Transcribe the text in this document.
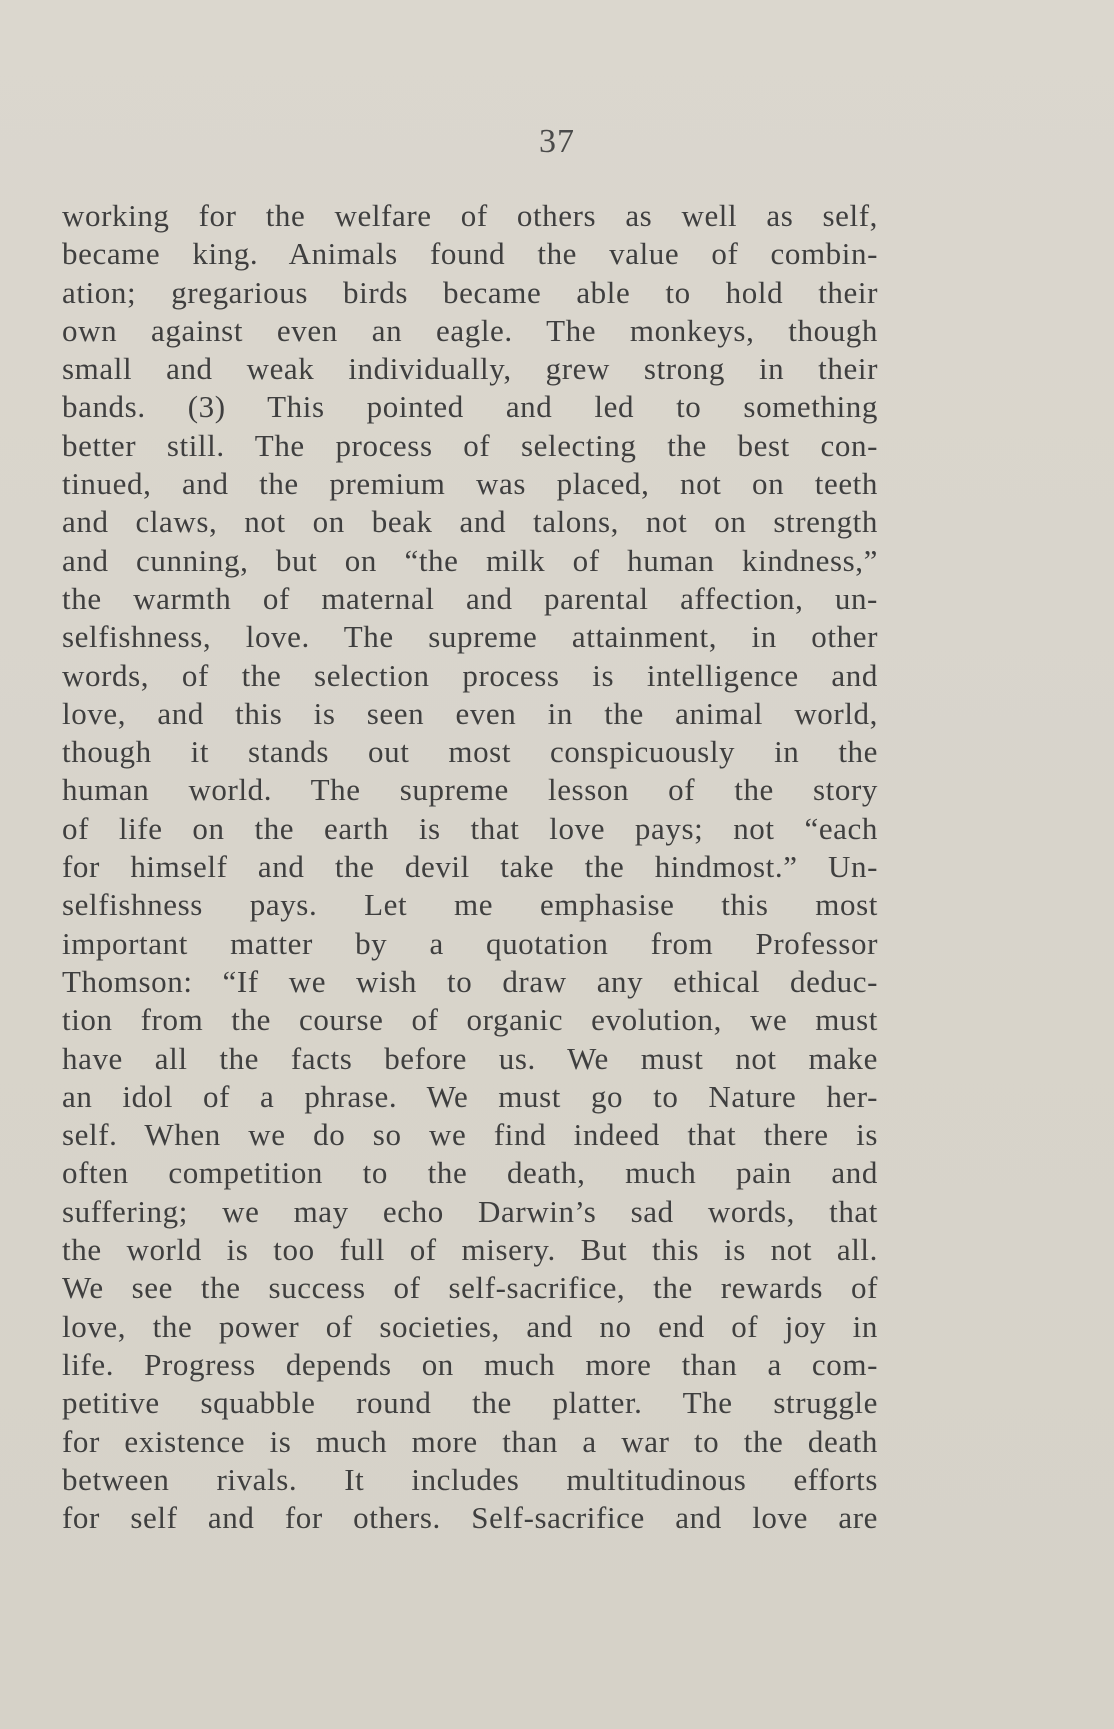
37
working for the welfare of others as well as self,
became king. Animals found the value of combin-
ation; gregarious birds became able to hold their
own against even an eagle. The monkeys, though
small and weak individually, grew strong in their
bands. (3) This pointed and led to something
better still. The process of selecting the best con-
tinued, and the premium was placed, not on teeth
and claws, not on beak and talons, not on strength
and cunning, but on “the milk of human kindness,”
the warmth of maternal and parental affection, un-
selfishness, love. The supreme attainment, in other
words, of the selection process is intelligence and
love, and this is seen even in the animal world,
though it stands out most conspicuously in the
human world. The supreme lesson of the story
of life on the earth is that love pays; not “each
for himself and the devil take the hindmost.” Un-
selfishness pays. Let me emphasise this most
important matter by a quotation from Professor
Thomson: “If we wish to draw any ethical deduc-
tion from the course of organic evolution, we must
have all the facts before us. We must not make
an idol of a phrase. We must go to Nature her-
self. When we do so we find indeed that there is
often competition to the death, much pain and
suffering; we may echo Darwin’s sad words, that
the world is too full of misery. But this is not all.
We see the success of self-sacrifice, the rewards of
love, the power of societies, and no end of joy in
life. Progress depends on much more than a com-
petitive squabble round the platter. The struggle
for existence is much more than a war to the death
between rivals. It includes multitudinous efforts
for self and for others. Self-sacrifice and love are
